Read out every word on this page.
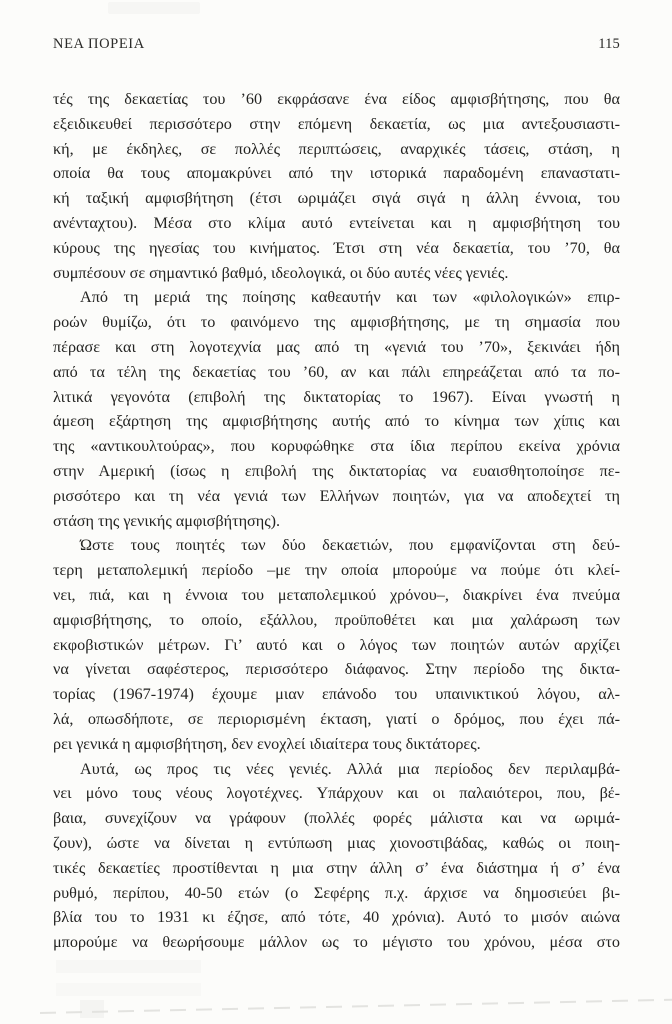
ΝΕΑ ΠΟΡΕΙΑ	115
τές της δεκαετίας του ’60 εκφράσανε ένα είδος αμφισβήτησης, που θα
εξειδικευθεί περισσότερο στην επόμενη δεκαετία, ως μια αντεξουσιαστι-
κή, με έκδηλες, σε πολλές περιπτώσεις, αναρχικές τάσεις, στάση, η
οποία θα τους απομακρύνει από την ιστορικά παραδομένη επαναστατι-
κή ταξική αμφισβήτηση (έτσι ωριμάζει σιγά σιγά η άλλη έννοια, του
ανένταχτου). Μέσα στο κλίμα αυτό εντείνεται και η αμφισβήτηση του
κύρους της ηγεσίας του κινήματος. Έτσι στη νέα δεκαετία, του ’70, θα
συμπέσουν σε σημαντικό βαθμό, ιδεολογικά, οι δύο αυτές νέες γενιές.
Από τη μεριά της ποίησης καθεαυτήν και των «φιλολογικών» επιρ-
ροών θυμίζω, ότι το φαινόμενο της αμφισβήτησης, με τη σημασία που
πέρασε και στη λογοτεχνία μας από τη «γενιά του ’70», ξεκινάει ήδη
από τα τέλη της δεκαετίας του ’60, αν και πάλι επηρεάζεται από τα πο-
λιτικά γεγονότα (επιβολή της δικτατορίας το 1967). Είναι γνωστή η
άμεση εξάρτηση της αμφισβήτησης αυτής από το κίνημα των χίπις και
της «αντικουλτούρας», που κορυφώθηκε στα ίδια περίπου εκείνα χρόνια
στην Αμερική (ίσως η επιβολή της δικτατορίας να ευαισθητοποίησε πε-
ρισσότερο και τη νέα γενιά των Ελλήνων ποιητών, για να αποδεχτεί τη
στάση της γενικής αμφισβήτησης).
Ώστε τους ποιητές των δύο δεκαετιών, που εμφανίζονται στη δεύ-
τερη μεταπολεμική περίοδο –με την οποία μπορούμε να πούμε ότι κλεί-
νει, πιά, και η έννοια του μεταπολεμικού χρόνου–, διακρίνει ένα πνεύμα
αμφισβήτησης, το οποίο, εξάλλου, προϋποθέτει και μια χαλάρωση των
εκφοβιστικών μέτρων. Γι’ αυτό και ο λόγος των ποιητών αυτών αρχίζει
να γίνεται σαφέστερος, περισσότερο διάφανος. Στην περίοδο της δικτα-
τορίας (1967-1974) έχουμε μιαν επάνοδο του υπαινικτικού λόγου, αλ-
λά, οπωσδήποτε, σε περιορισμένη έκταση, γιατί ο δρόμος, που έχει πά-
ρει γενικά η αμφισβήτηση, δεν ενοχλεί ιδιαίτερα τους δικτάτορες.
Αυτά, ως προς τις νέες γενιές. Αλλά μια περίοδος δεν περιλαμβά-
νει μόνο τους νέους λογοτέχνες. Υπάρχουν και οι παλαιότεροι, που, βέ-
βαια, συνεχίζουν να γράφουν (πολλές φορές μάλιστα και να ωριμά-
ζουν), ώστε να δίνεται η εντύπωση μιας χιονοστιβάδας, καθώς οι ποιη-
τικές δεκαετίες προστίθενται η μια στην άλλη σ’ ένα διάστημα ή σ’ ένα
ρυθμό, περίπου, 40-50 ετών (ο Σεφέρης π.χ. άρχισε να δημοσιεύει βι-
βλία του το 1931 κι έζησε, από τότε, 40 χρόνια). Αυτό το μισόν αιώνα
μπορούμε να θεωρήσουμε μάλλον ως το μέγιστο του χρόνου, μέσα στο
